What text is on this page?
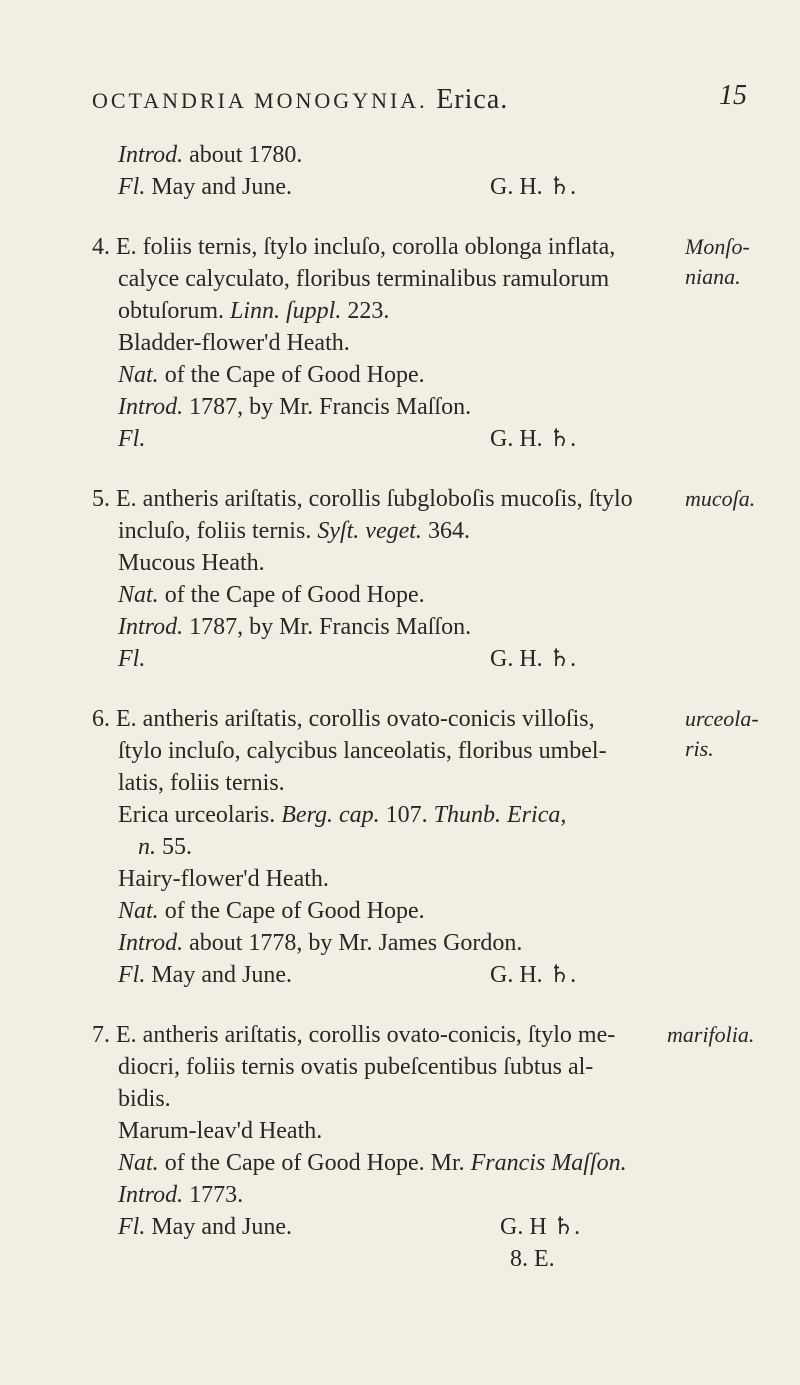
OCTANDRIA MONOGYNIA. Erica.	15
Introd. about 1780.
Fl. May and June.	G. H. ♄.
4. E. foliis ternis, ſtylo incluſo, corolla oblonga inflata,
calyce calyculato, floribus terminalibus ramulorum
obtuſorum. Linn. ſuppl. 223.
Bladder-flower'd Heath.
Nat. of the Cape of Good Hope.
Introd. 1787, by Mr. Francis Maſſon.
Fl.	G. H. ♄.
Monſo-
niana.
5. E. antheris ariſtatis, corollis ſubgloboſis mucoſis, ſtylo
incluſo, foliis ternis. Syſt. veget. 364.
Mucous Heath.
Nat. of the Cape of Good Hope.
Introd. 1787, by Mr. Francis Maſſon.
Fl.	G. H. ♄.
mucoſa.
6. E. antheris ariſtatis, corollis ovato-conicis villoſis,
ſtylo incluſo, calycibus lanceolatis, floribus umbel-
latis, foliis ternis.
Erica urceolaris. Berg. cap. 107. Thunb. Erica,
n. 55.
Hairy-flower'd Heath.
Nat. of the Cape of Good Hope.
Introd. about 1778, by Mr. James Gordon.
Fl. May and June.	G. H. ♄.
urceola-
ris.
7. E. antheris ariſtatis, corollis ovato-conicis, ſtylo me-
diocri, foliis ternis ovatis pubeſcentibus ſubtus al-
bidis.
Marum-leav'd Heath.
Nat. of the Cape of Good Hope. Mr. Francis Maſſon.
Introd. 1773.
Fl. May and June.	G. H ♄.
marifolia.
8. E.
